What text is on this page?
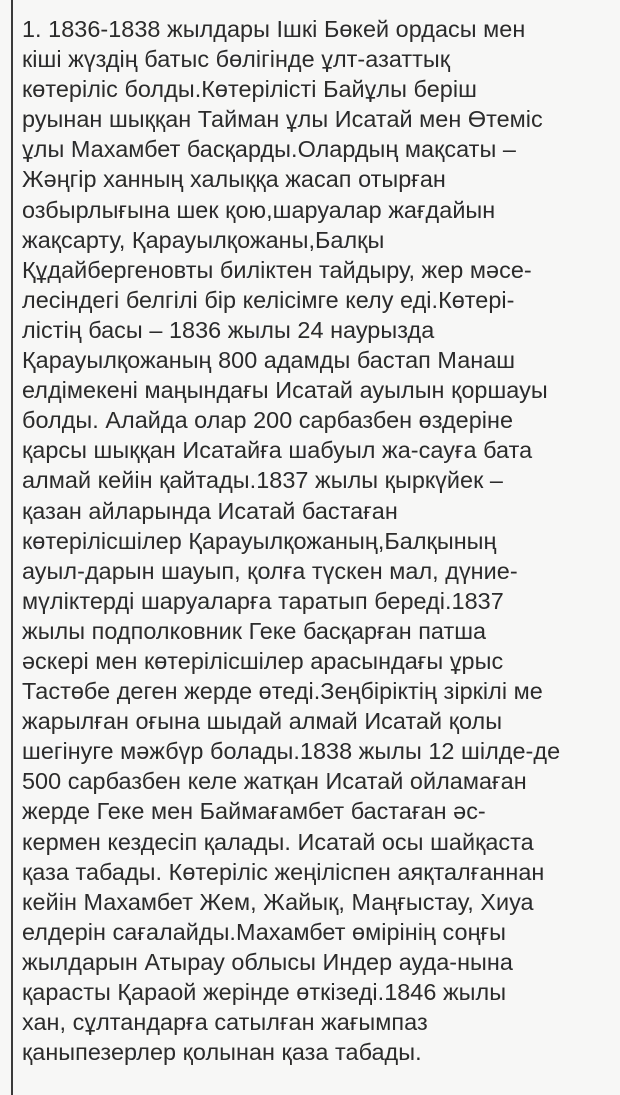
1. 1836-1838 жылдары Ішкі Бөкей ордасы мен
кіші жүздің батыс бөлігінде ұлт-азаттық
көтеріліс болды.Көтерілісті Байұлы беріш
руынан шыққан Тайман ұлы Исатай мен Өтеміс
ұлы Махамбет басқарды.Олардың мақсаты –
Жәңгір ханның халыққа жасап отырған
озбырлығына шек қою,шаруалар жағдайын
жақсарту, Қарауылқожаны,Балқы
Құдайбергеновты биліктен тайдыру, жер мәсе-
лесіндегі белгілі бір келісімге келу еді.Көтері-
лістің басы – 1836 жылы 24 наурызда
Қарауылқожаның 800 адамды бастап Манаш
елдімекені маңындағы Исатай ауылын қоршауы
болды. Алайда олар 200 сарбазбен өздеріне
қарсы шыққан Исатайға шабуыл жа-сауға бата
алмай кейін қайтады.1837 жылы қыркүйек –
қазан айларында Исатай бастаған
көтерілісшілер Қарауылқожаның,Балқының
ауыл-дарын шауып, қолға түскен мал, дүние-
мүліктерді шаруаларға таратып береді.1837
жылы подполковник Геке басқарған патша
әскері мен көтерілісшілер арасындағы ұрыс
Тастөбе деген жерде өтеді.Зеңбіріктің зіркілі ме
жарылған оғына шыдай алмай Исатай қолы
шегінуге мәжбүр болады.1838 жылы 12 шілде-де
500 сарбазбен келе жатқан Исатай ойламаған
жерде Геке мен Баймағамбет бастаған әс-
кермен кездесіп қалады. Исатай осы шайқаста
қаза табады. Көтеріліс жеңіліспен аяқталғаннан
кейін Махамбет Жем, Жайық, Маңғыстау, Хиуа
елдерін сағалайды.Махамбет өмірінің соңғы
жылдарын Атырау облысы Индер ауда-нына
қарасты Қараой жерінде өткізеді.1846 жылы
хан, сұлтандарға сатылған жағымпаз
қаныпезерлер қолынан қаза табады.
